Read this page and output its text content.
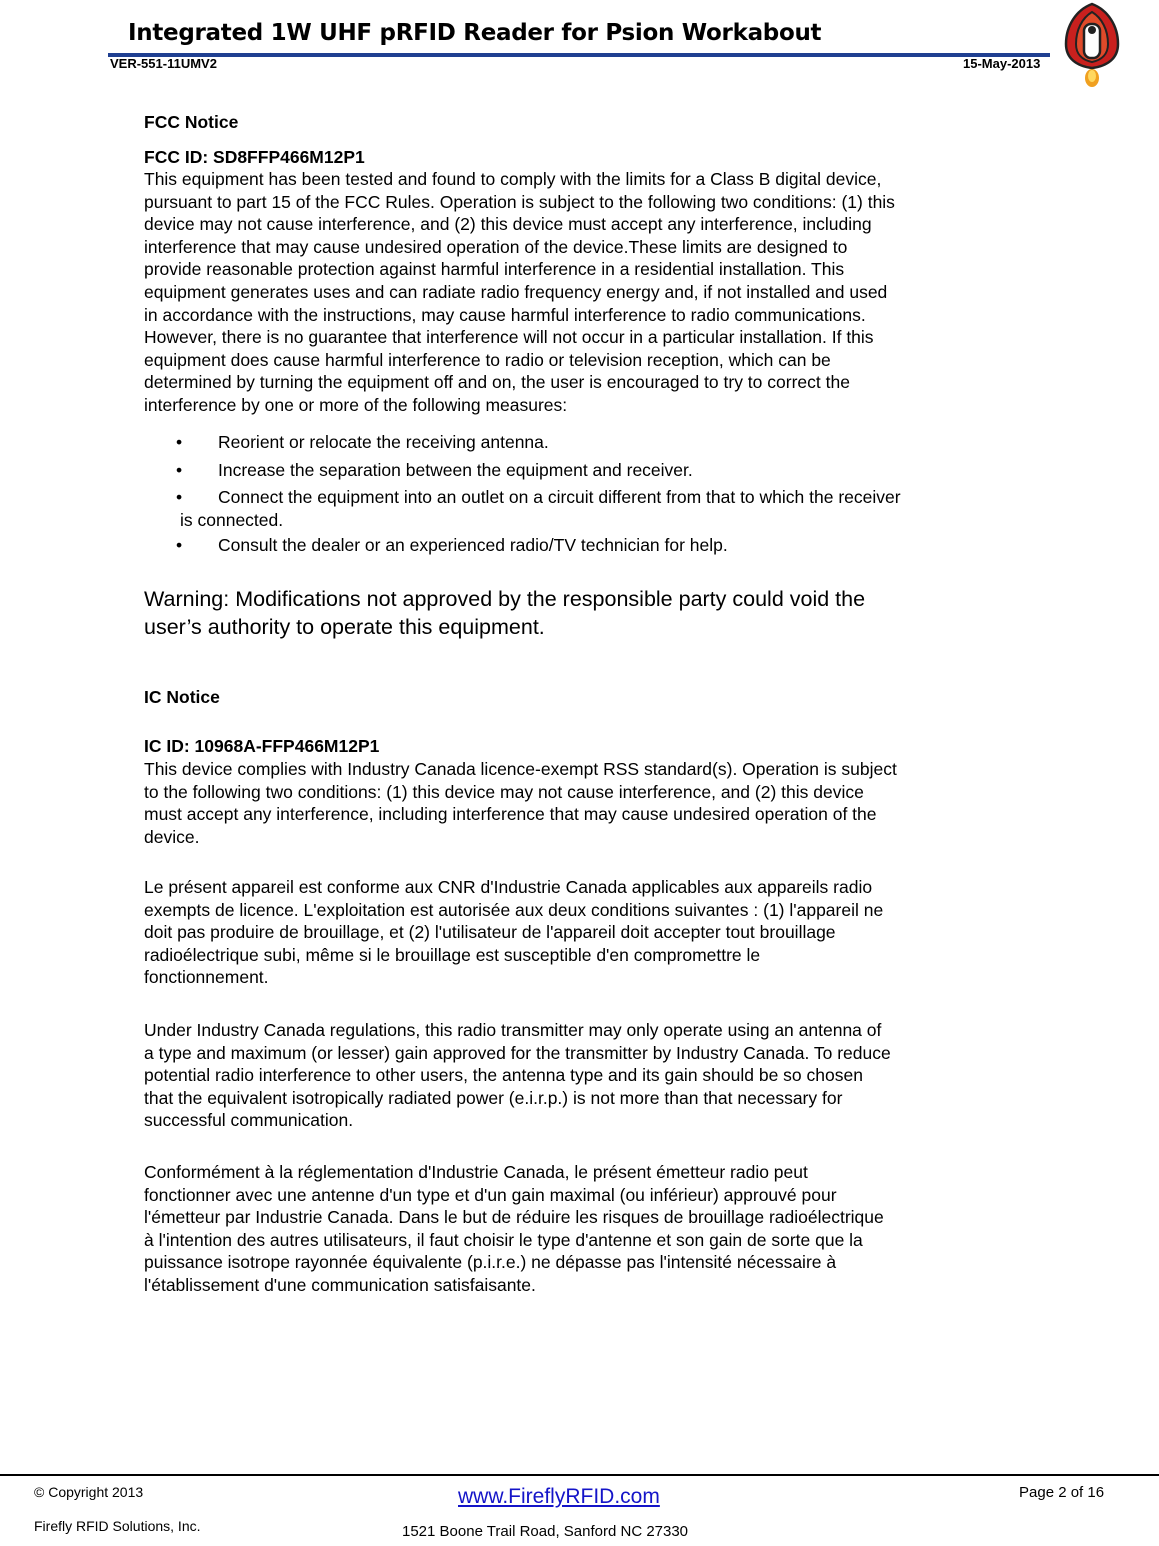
Integrated 1W UHF pRFID Reader for Psion Workabout
VER-551-11UMV2	15-May-2013
FCC Notice
FCC ID: SD8FFP466M12P1
This equipment has been tested and found to comply with the limits for a Class B digital device,
pursuant to part 15 of the FCC Rules. Operation is subject to the following two conditions: (1) this
device may not cause interference, and (2) this device must accept any interference, including
interference that may cause undesired operation of the device.These limits are designed to
provide reasonable protection against harmful interference in a residential installation. This
equipment generates uses and can radiate radio frequency energy and, if not installed and used
in accordance with the instructions, may cause harmful interference to radio communications.
However, there is no guarantee that interference will not occur in a particular installation. If this
equipment does cause harmful interference to radio or television reception, which can be
determined by turning the equipment off and on, the user is encouraged to try to correct the
interference by one or more of the following measures:
• Reorient or relocate the receiving antenna.
• Increase the separation between the equipment and receiver.
• Connect the equipment into an outlet on a circuit different from that to which the receiver
is connected.
• Consult the dealer or an experienced radio/TV technician for help.
Warning: Modifications not approved by the responsible party could void the
user’s authority to operate this equipment.
IC Notice
IC ID: 10968A-FFP466M12P1
This device complies with Industry Canada licence-exempt RSS standard(s). Operation is subject
to the following two conditions: (1) this device may not cause interference, and (2) this device
must accept any interference, including interference that may cause undesired operation of the
device.
Le présent appareil est conforme aux CNR d'Industrie Canada applicables aux appareils radio
exempts de licence. L'exploitation est autorisée aux deux conditions suivantes : (1) l'appareil ne
doit pas produire de brouillage, et (2) l'utilisateur de l'appareil doit accepter tout brouillage
radioélectrique subi, même si le brouillage est susceptible d'en compromettre le
fonctionnement.
Under Industry Canada regulations, this radio transmitter may only operate using an antenna of
a type and maximum (or lesser) gain approved for the transmitter by Industry Canada. To reduce
potential radio interference to other users, the antenna type and its gain should be so chosen
that the equivalent isotropically radiated power (e.i.r.p.) is not more than that necessary for
successful communication.
Conformément à la réglementation d'Industrie Canada, le présent émetteur radio peut
fonctionner avec une antenne d'un type et d'un gain maximal (ou inférieur) approuvé pour
l'émetteur par Industrie Canada. Dans le but de réduire les risques de brouillage radioélectrique
à l'intention des autres utilisateurs, il faut choisir le type d'antenne et son gain de sorte que la
puissance isotrope rayonnée équivalente (p.i.r.e.) ne dépasse pas l'intensité nécessaire à
l'établissement d'une communication satisfaisante.
© Copyright 2013
Firefly RFID Solutions, Inc.
www.FireflyRFID.com
1521 Boone Trail Road, Sanford NC 27330
Page 2 of 16
